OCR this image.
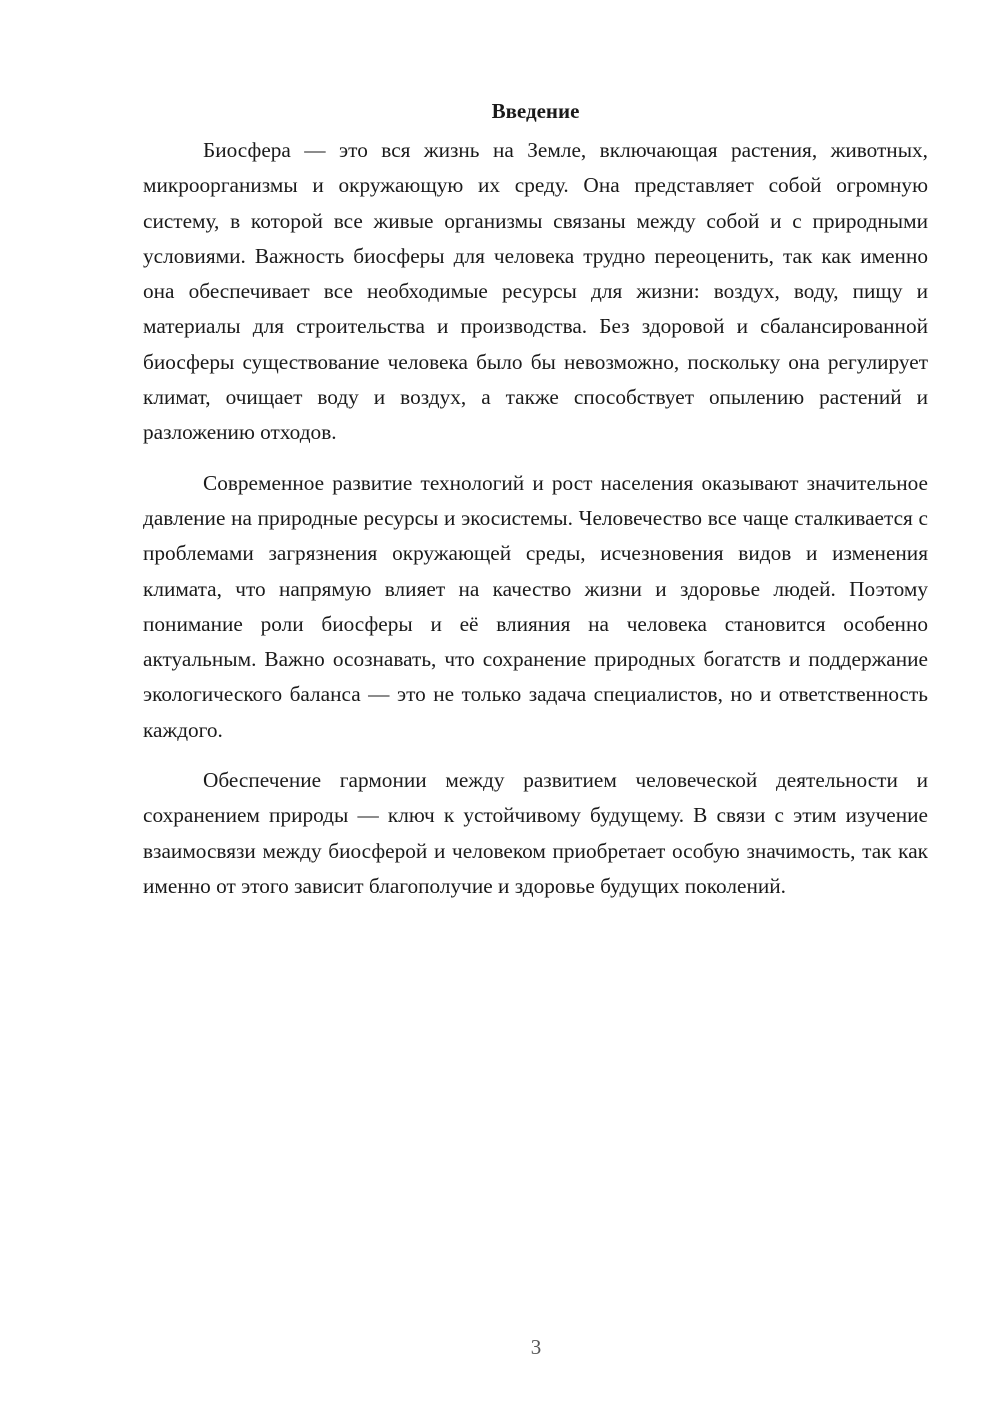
Введение

Биосфера — это вся жизнь на Земле, включающая растения, животных, микроорганизмы и окружающую их среду. Она представляет собой огромную систему, в которой все живые организмы связаны между собой и с природными условиями. Важность биосферы для человека трудно переоценить, так как именно она обеспечивает все необходимые ресурсы для жизни: воздух, воду, пищу и материалы для строительства и производства. Без здоровой и сбалансированной биосферы существование человека было бы невозможно, поскольку она регулирует климат, очищает воду и воздух, а также способствует опылению растений и разложению отходов.

Современное развитие технологий и рост населения оказывают значительное давление на природные ресурсы и экосистемы. Человечество все чаще сталкивается с проблемами загрязнения окружающей среды, исчезновения видов и изменения климата, что напрямую влияет на качество жизни и здоровье людей. Поэтому понимание роли биосферы и её влияния на человека становится особенно актуальным. Важно осознавать, что сохранение природных богатств и поддержание экологического баланса — это не только задача специалистов, но и ответственность каждого.

Обеспечение гармонии между развитием человеческой деятельности и сохранением природы — ключ к устойчивому будущему. В связи с этим изучение взаимосвязи между биосферой и человеком приобретает особую значимость, так как именно от этого зависит благополучие и здоровье будущих поколений.

3
